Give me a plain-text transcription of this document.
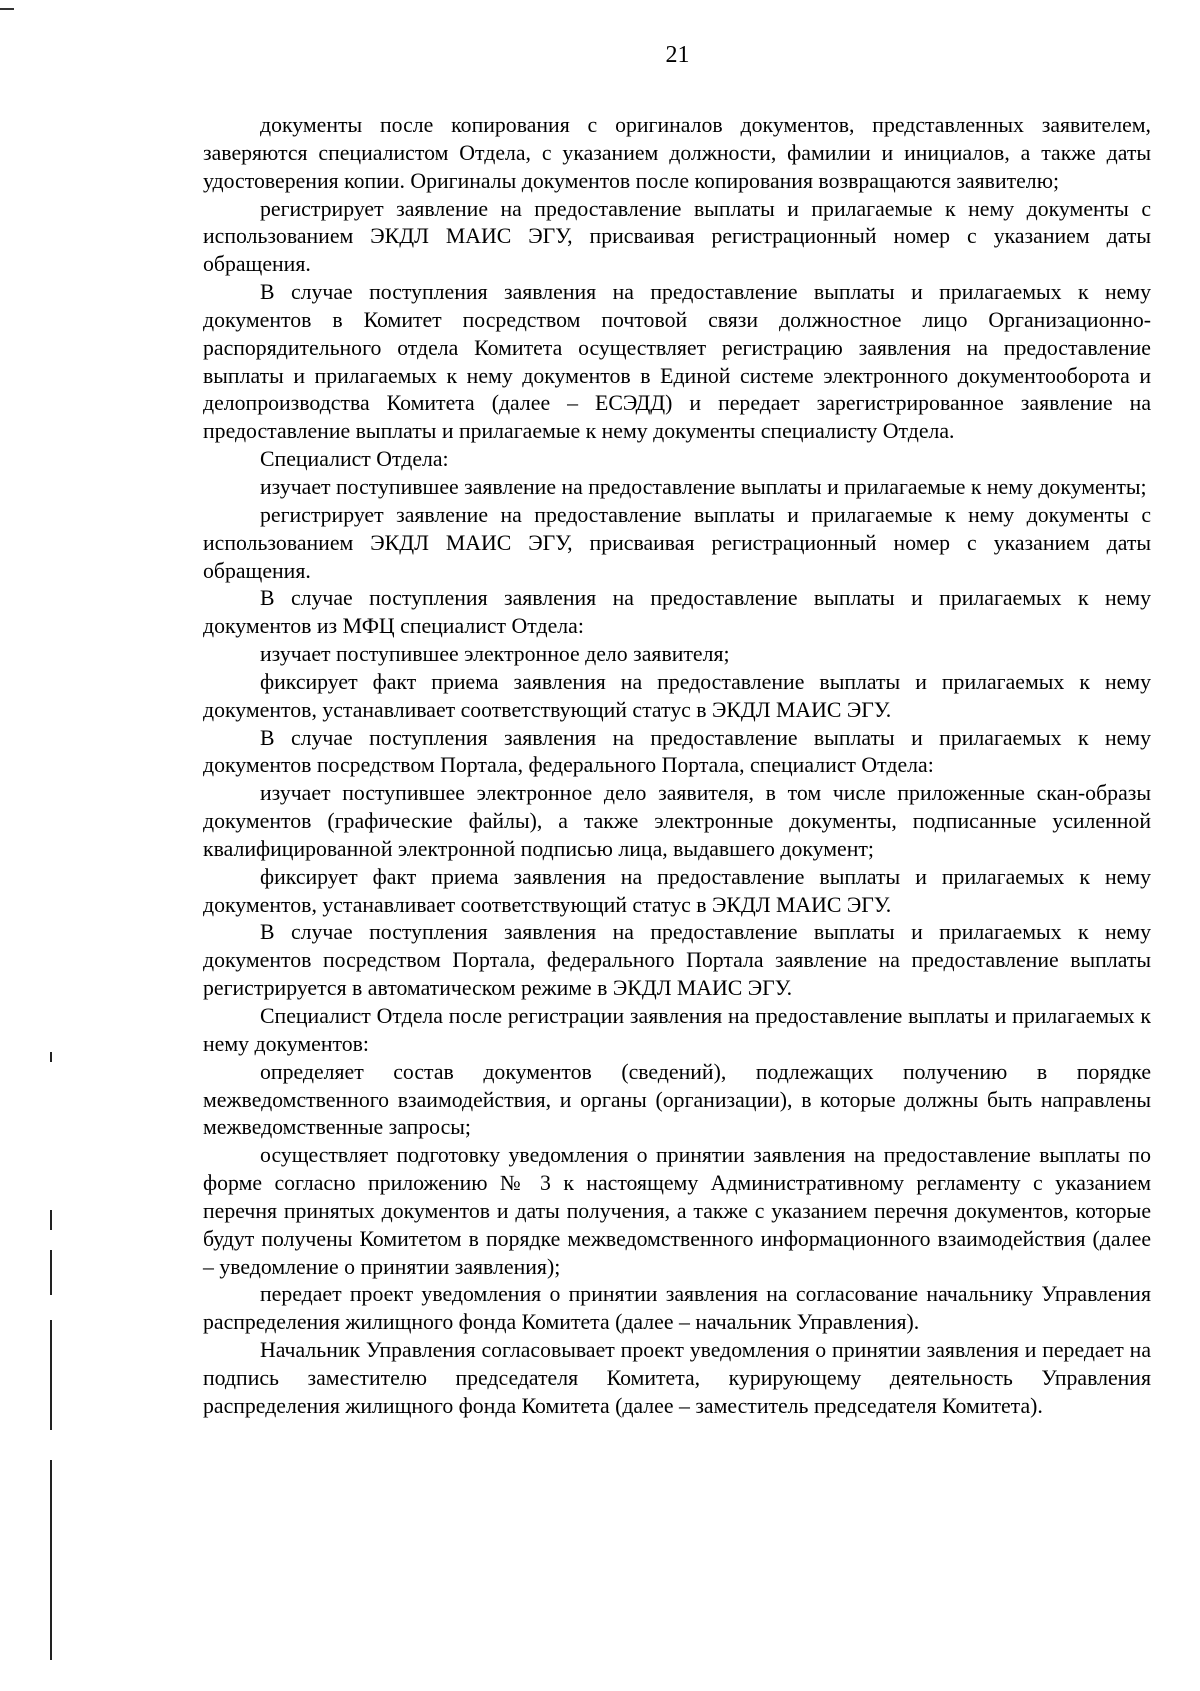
21

документы после копирования с оригиналов документов, представленных заявителем, заверяются специалистом Отдела, с указанием должности, фамилии и инициалов, а также даты удостоверения копии. Оригиналы документов после копирования возвращаются заявителю;

регистрирует заявление на предоставление выплаты и прилагаемые к нему документы с использованием ЭКДЛ МАИС ЭГУ, присваивая регистрационный номер с указанием даты обращения.

В случае поступления заявления на предоставление выплаты и прилагаемых к нему документов в Комитет посредством почтовой связи должностное лицо Организационно-распорядительного отдела Комитета осуществляет регистрацию заявления на предоставление выплаты и прилагаемых к нему документов в Единой системе электронного документооборота и делопроизводства Комитета (далее – ЕСЭДД) и передает зарегистрированное заявление на предоставление выплаты и прилагаемые к нему документы специалисту Отдела.

Специалист Отдела:

изучает поступившее заявление на предоставление выплаты и прилагаемые к нему документы;

регистрирует заявление на предоставление выплаты и прилагаемые к нему документы с использованием ЭКДЛ МАИС ЭГУ, присваивая регистрационный номер с указанием даты обращения.

В случае поступления заявления на предоставление выплаты и прилагаемых к нему документов из МФЦ специалист Отдела:

изучает поступившее электронное дело заявителя;

фиксирует факт приема заявления на предоставление выплаты и прилагаемых к нему документов, устанавливает соответствующий статус в ЭКДЛ МАИС ЭГУ.

В случае поступления заявления на предоставление выплаты и прилагаемых к нему документов посредством Портала, федерального Портала, специалист Отдела:

изучает поступившее электронное дело заявителя, в том числе приложенные скан-образы документов (графические файлы), а также электронные документы, подписанные усиленной квалифицированной электронной подписью лица, выдавшего документ;

фиксирует факт приема заявления на предоставление выплаты и прилагаемых к нему документов, устанавливает соответствующий статус в ЭКДЛ МАИС ЭГУ.

В случае поступления заявления на предоставление выплаты и прилагаемых к нему документов посредством Портала, федерального Портала заявление на предоставление выплаты регистрируется в автоматическом режиме в ЭКДЛ МАИС ЭГУ.

Специалист Отдела после регистрации заявления на предоставление выплаты и прилагаемых к нему документов:

определяет состав документов (сведений), подлежащих получению в порядке межведомственного взаимодействия, и органы (организации), в которые должны быть направлены межведомственные запросы;

осуществляет подготовку уведомления о принятии заявления на предоставление выплаты по форме согласно приложению № 3 к настоящему Административному регламенту с указанием перечня принятых документов и даты получения, а также с указанием перечня документов, которые будут получены Комитетом в порядке межведомственного информационного взаимодействия (далее – уведомление о принятии заявления);

передает проект уведомления о принятии заявления на согласование начальнику Управления распределения жилищного фонда Комитета (далее – начальник Управления).

Начальник Управления согласовывает проект уведомления о принятии заявления и передает на подпись заместителю председателя Комитета, курирующему деятельность Управления распределения жилищного фонда Комитета (далее – заместитель председателя Комитета).
